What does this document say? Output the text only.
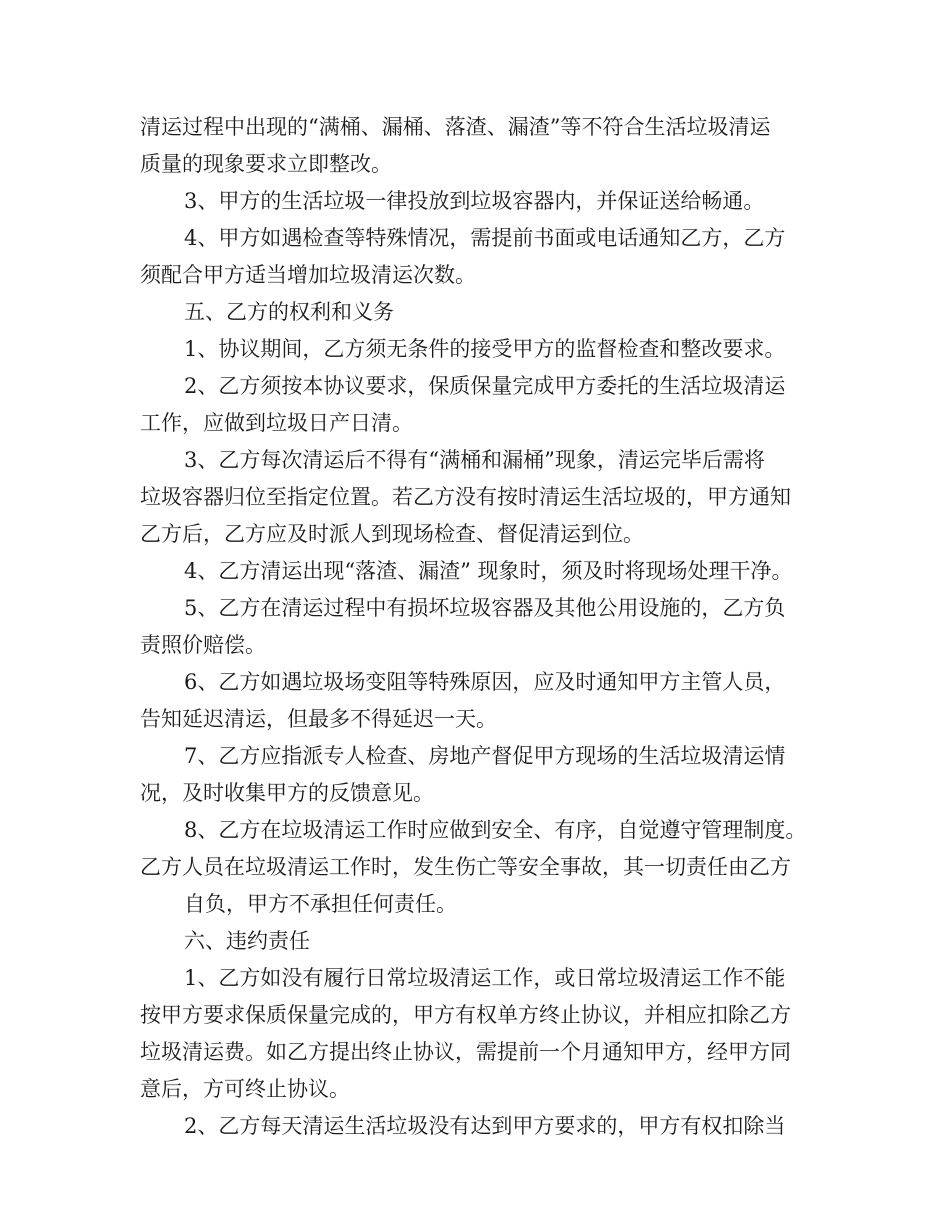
清运过程中出现的“满桶、漏桶、落渣、漏渣”等不符合生活垃圾清运
质量的现象要求立即整改。
3、甲方的生活垃圾一律投放到垃圾容器内，并保证送给畅通。
4、甲方如遇检查等特殊情况，需提前书面或电话通知乙方，乙方
须配合甲方适当增加垃圾清运次数。
五、乙方的权利和义务
1、协议期间，乙方须无条件的接受甲方的监督检查和整改要求。
2、乙方须按本协议要求，保质保量完成甲方委托的生活垃圾清运
工作，应做到垃圾日产日清。
3、乙方每次清运后不得有“满桶和漏桶”现象，清运完毕后需将
垃圾容器归位至指定位置。若乙方没有按时清运生活垃圾的，甲方通知
乙方后，乙方应及时派人到现场检查、督促清运到位。
4、乙方清运出现“落渣、漏渣” 现象时，须及时将现场处理干净。
5、乙方在清运过程中有损坏垃圾容器及其他公用设施的，乙方负
责照价赔偿。
6、乙方如遇垃圾场变阻等特殊原因，应及时通知甲方主管人员，
告知延迟清运，但最多不得延迟一天。
7、乙方应指派专人检查、房地产督促甲方现场的生活垃圾清运情
况，及时收集甲方的反馈意见。
8、乙方在垃圾清运工作时应做到安全、有序，自觉遵守管理制度。
乙方人员在垃圾清运工作时，发生伤亡等安全事故，其一切责任由乙方
自负，甲方不承担任何责任。
六、违约责任
1、乙方如没有履行日常垃圾清运工作，或日常垃圾清运工作不能
按甲方要求保质保量完成的，甲方有权单方终止协议，并相应扣除乙方
垃圾清运费。如乙方提出终止协议，需提前一个月通知甲方，经甲方同
意后，方可终止协议。
2、乙方每天清运生活垃圾没有达到甲方要求的，甲方有权扣除当
